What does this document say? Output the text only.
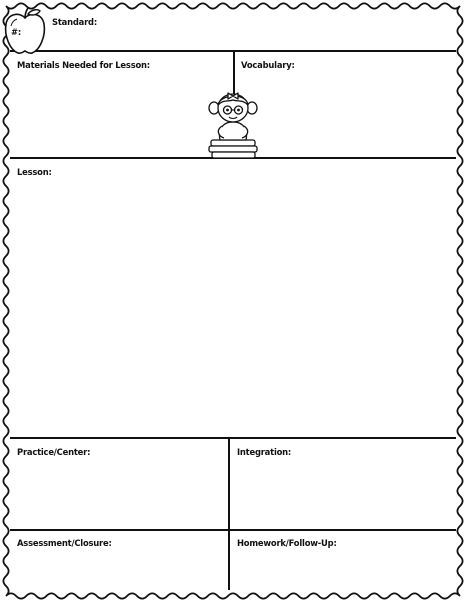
#:
Standard:
Materials Needed for Lesson:	Vocabulary:
Lesson:
Practice/Center:	Integration:
Assessment/Closure:	Homework/Follow-Up:
